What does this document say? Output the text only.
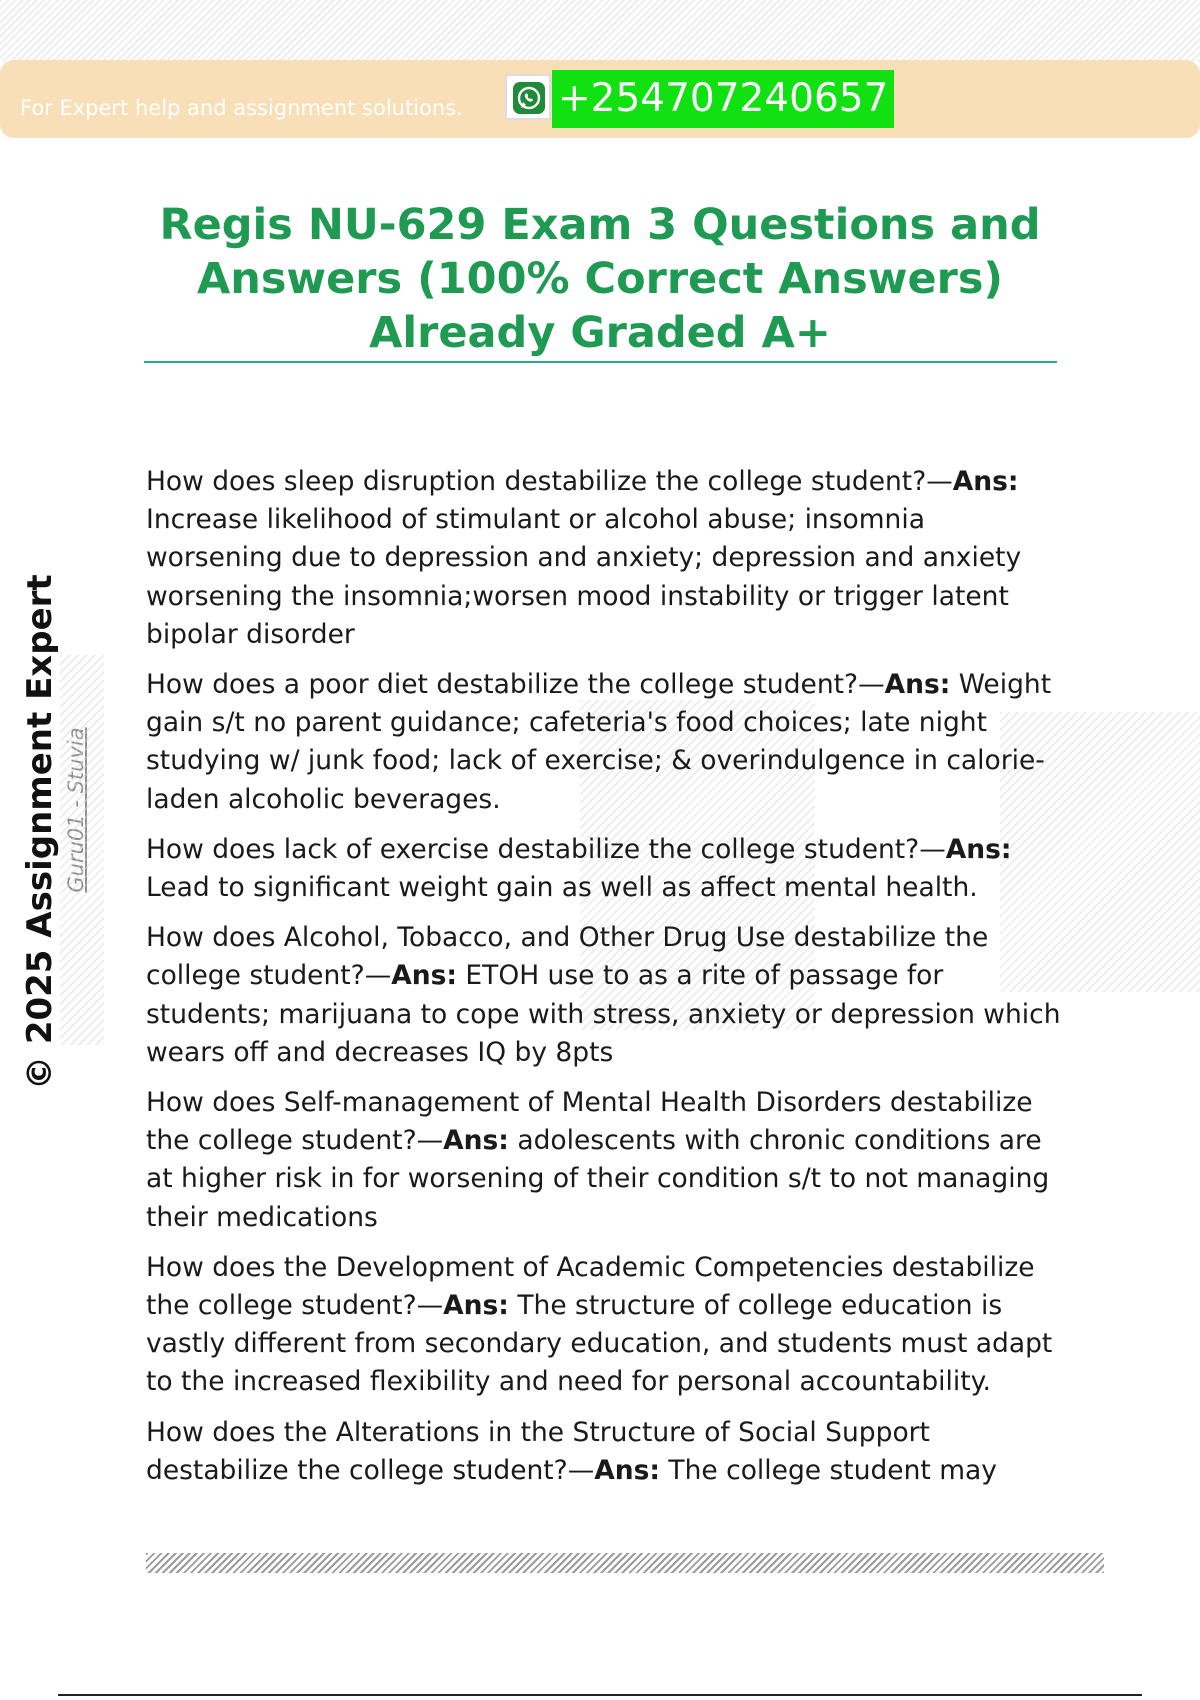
For Expert help and assignment solutions. +254707240657
Regis NU-629 Exam 3 Questions and Answers (100% Correct Answers) Already Graded A+
© 2025 Assignment Expert Guru01 - Stuvia

How does sleep disruption destabilize the college student?—Ans: Increase likelihood of stimulant or alcohol abuse; insomnia worsening due to depression and anxiety; depression and anxiety worsening the insomnia;worsen mood instability or trigger latent bipolar disorder

How does a poor diet destabilize the college student?—Ans: Weight gain s/t no parent guidance; cafeteria's food choices; late night studying w/ junk food; lack of exercise; & overindulgence in calorie-laden alcoholic beverages.

How does lack of exercise destabilize the college student?—Ans: Lead to significant weight gain as well as affect mental health.

How does Alcohol, Tobacco, and Other Drug Use destabilize the college student?—Ans: ETOH use to as a rite of passage for students; marijuana to cope with stress, anxiety or depression which wears off and decreases IQ by 8pts

How does Self-management of Mental Health Disorders destabilize the college student?—Ans: adolescents with chronic conditions are at higher risk in for worsening of their condition s/t to not managing their medications

How does the Development of Academic Competencies destabilize the college student?—Ans: The structure of college education is vastly different from secondary education, and students must adapt to the increased flexibility and need for personal accountability.

How does the Alterations in the Structure of Social Support destabilize the college student?—Ans: The college student may
